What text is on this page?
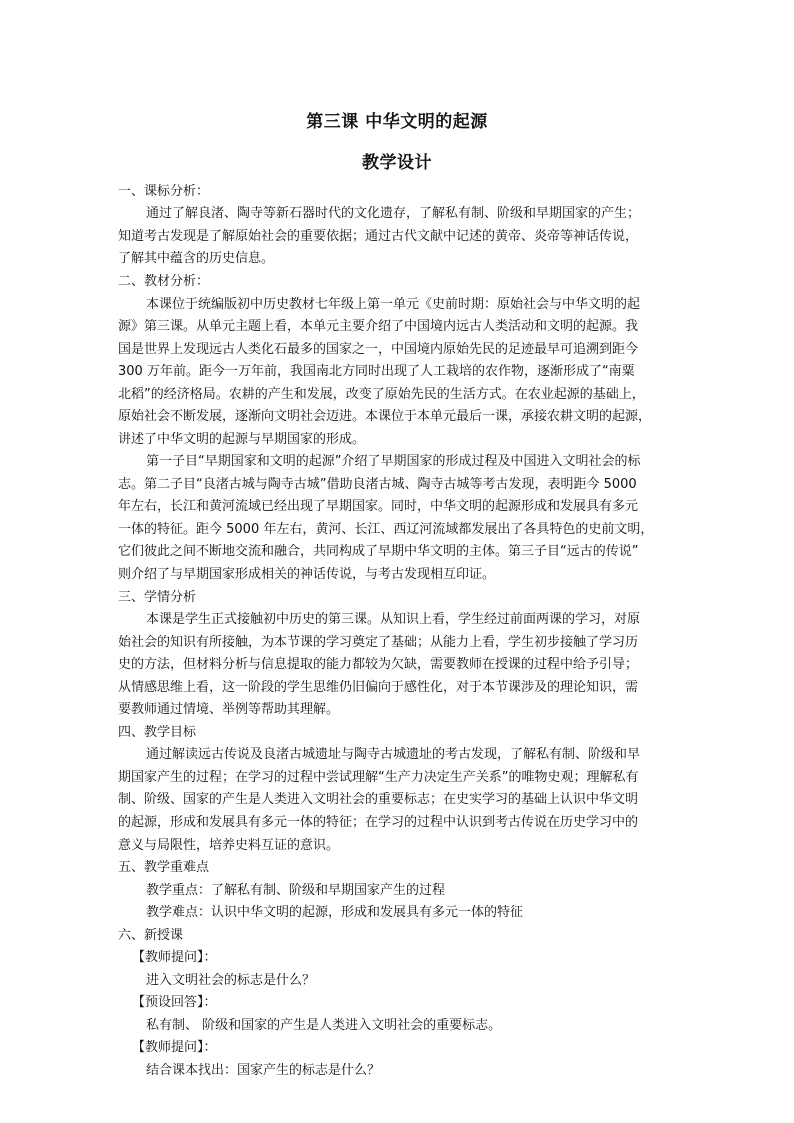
第三课 中华文明的起源
教学设计
一、课标分析：
通过了解良渚、陶寺等新石器时代的文化遗存，了解私有制、阶级和早期国家的产生；
知道考古发现是了解原始社会的重要依据；通过古代文献中记述的黄帝、炎帝等神话传说，
了解其中蕴含的历史信息。
二、教材分析：
本课位于统编版初中历史教材七年级上第一单元《史前时期：原始社会与中华文明的起
源》第三课。从单元主题上看，本单元主要介绍了中国境内远古人类活动和文明的起源。我
国是世界上发现远古人类化石最多的国家之一，中国境内原始先民的足迹最早可追溯到距今
300 万年前。距今一万年前，我国南北方同时出现了人工栽培的农作物，逐渐形成了“南粟
北稻”的经济格局。农耕的产生和发展，改变了原始先民的生活方式。在农业起源的基础上，
原始社会不断发展，逐渐向文明社会迈进。本课位于本单元最后一课，承接农耕文明的起源，
讲述了中华文明的起源与早期国家的形成。
第一子目“早期国家和文明的起源”介绍了早期国家的形成过程及中国进入文明社会的标
志。第二子目“良渚古城与陶寺古城”借助良渚古城、陶寺古城等考古发现，表明距今 5000
年左右，长江和黄河流域已经出现了早期国家。同时，中华文明的起源形成和发展具有多元
一体的特征。距今 5000 年左右，黄河、长江、西辽河流域都发展出了各具特色的史前文明，
它们彼此之间不断地交流和融合，共同构成了早期中华文明的主体。第三子目“远古的传说”
则介绍了与早期国家形成相关的神话传说，与考古发现相互印证。
三、学情分析
本课是学生正式接触初中历史的第三课。从知识上看，学生经过前面两课的学习，对原
始社会的知识有所接触，为本节课的学习奠定了基础；从能力上看，学生初步接触了学习历
史的方法，但材料分析与信息提取的能力都较为欠缺，需要教师在授课的过程中给予引导；
从情感思维上看，这一阶段的学生思维仍旧偏向于感性化，对于本节课涉及的理论知识，需
要教师通过情境、举例等帮助其理解。
四、教学目标
通过解读远古传说及良渚古城遗址与陶寺古城遗址的考古发现，了解私有制、阶级和早
期国家产生的过程；在学习的过程中尝试理解“生产力决定生产关系”的唯物史观；理解私有
制、阶级、国家的产生是人类进入文明社会的重要标志；在史实学习的基础上认识中华文明
的起源，形成和发展具有多元一体的特征；在学习的过程中认识到考古传说在历史学习中的
意义与局限性，培养史料互证的意识。
五、教学重难点
教学重点：了解私有制、阶级和早期国家产生的过程
教学难点：认识中华文明的起源，形成和发展具有多元一体的特征
六、新授课
【教师提问】：
进入文明社会的标志是什么？
【预设回答】：
私有制、 阶级和国家的产生是人类进入文明社会的重要标志。
【教师提问】：
结合课本找出：国家产生的标志是什么？
